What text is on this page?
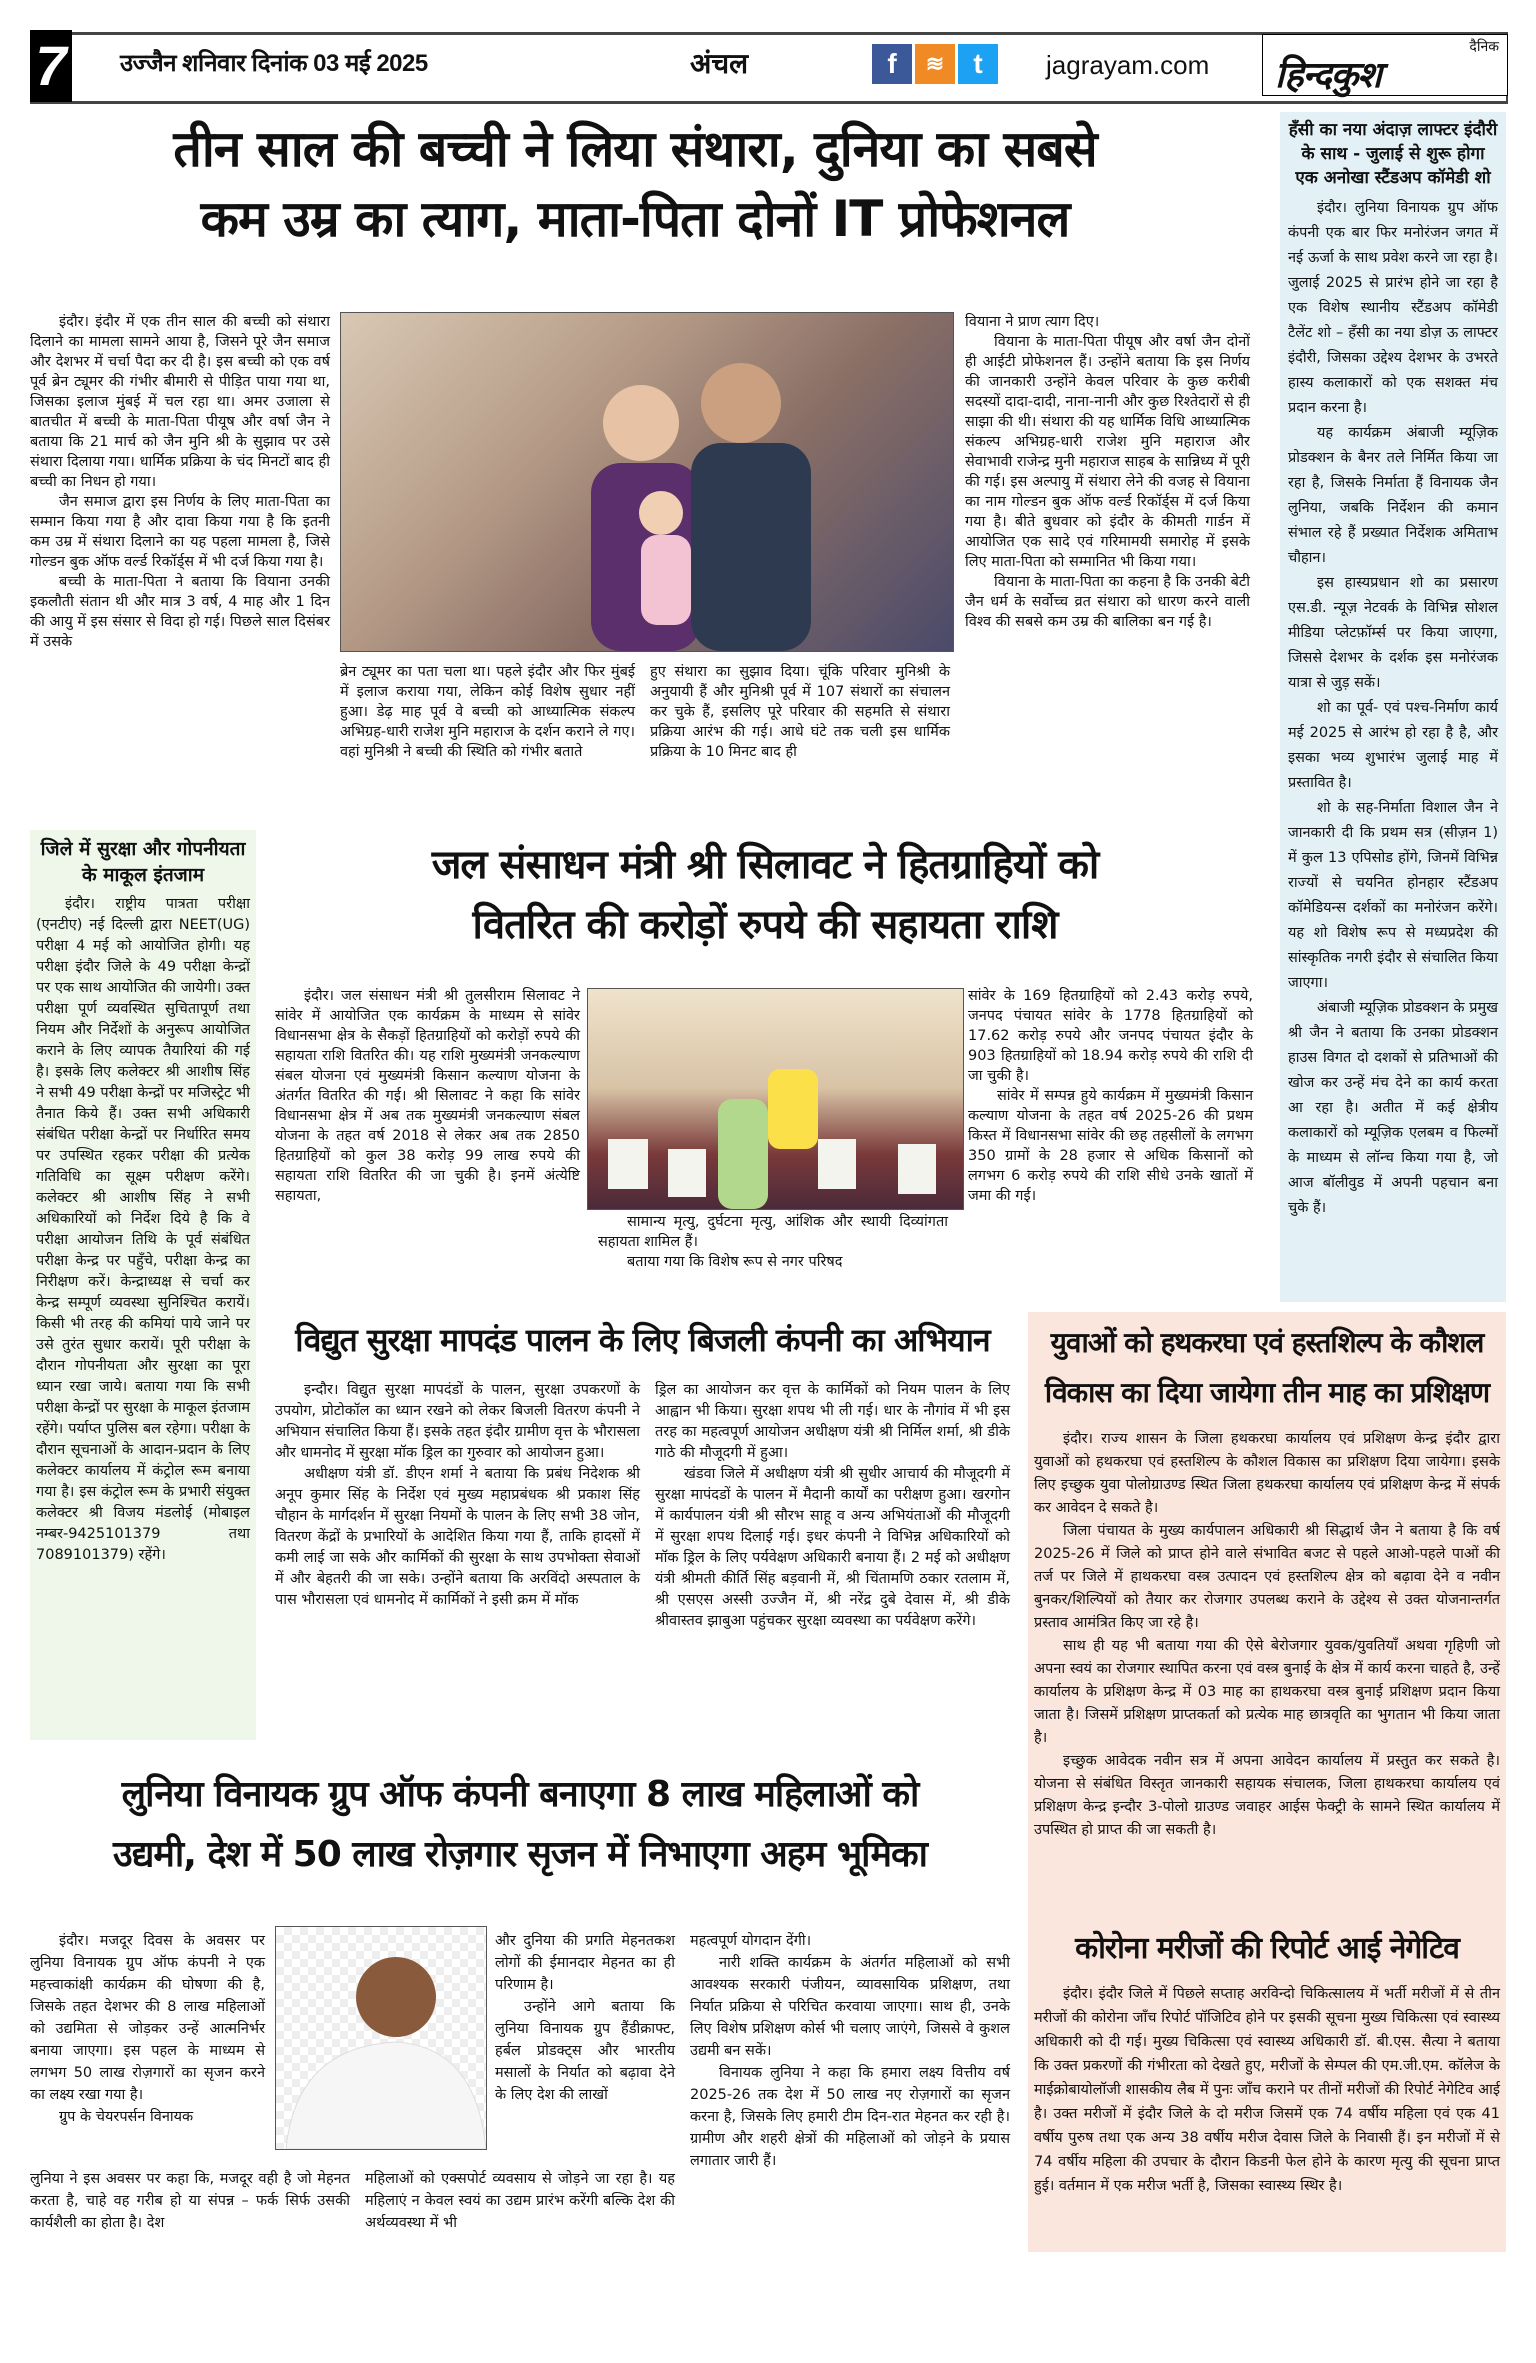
7 उज्जैन शनिवार दिनांक 03 मई 2025	अंचल	f	≋	t	jagrayam.com
दैनिक
हिन्दकुश
तीन साल की बच्ची ने लिया संथारा, दुनिया का सबसे
कम उम्र का त्याग, माता-पिता दोनों IT प्रोफेशनल

इंदौर। इंदौर में एक तीन साल की बच्ची को संथारा दिलाने का मामला सामने आया है, जिसने पूरे जैन समाज और देशभर में चर्चा पैदा कर दी है। इस बच्ची को एक वर्ष पूर्व ब्रेन ट्यूमर की गंभीर बीमारी से पीड़ित पाया गया था, जिसका इलाज मुंबई में चल रहा था। अमर उजाला से बातचीत में बच्ची के माता-पिता पीयूष और वर्षा जैन ने बताया कि 21 मार्च को जैन मुनि श्री के सुझाव पर उसे संथारा दिलाया गया। धार्मिक प्रक्रिया के चंद मिनटों बाद ही बच्ची का निधन हो गया।

जैन समाज द्वारा इस निर्णय के लिए माता-पिता का सम्मान किया गया है और दावा किया गया है कि इतनी कम उम्र में संथारा दिलाने का यह पहला मामला है, जिसे गोल्डन बुक ऑफ वर्ल्ड रिकॉर्ड्स में भी दर्ज किया गया है।

बच्ची के माता-पिता ने बताया कि वियाना उनकी इकलौती संतान थी और मात्र 3 वर्ष, 4 माह और 1 दिन की आयु में इस संसार से विदा हो गई। पिछले साल दिसंबर में उसके

ब्रेन ट्यूमर का पता चला था। पहले इंदौर और फिर मुंबई में इलाज कराया गया, लेकिन कोई विशेष सुधार नहीं हुआ। डेढ़ माह पूर्व वे बच्ची को आध्यात्मिक संकल्प अभिग्रह-धारी राजेश मुनि महाराज के दर्शन कराने ले गए। वहां मुनिश्री ने बच्ची की स्थिति को गंभीर बताते

हुए संथारा का सुझाव दिया। चूंकि परिवार मुनिश्री के अनुयायी हैं और मुनिश्री पूर्व में 107 संथारों का संचालन कर चुके हैं, इसलिए पूरे परिवार की सहमति से संथारा प्रक्रिया आरंभ की गई। आधे घंटे तक चली इस धार्मिक प्रक्रिया के 10 मिनट बाद ही

वियाना ने प्राण त्याग दिए।

वियाना के माता-पिता पीयूष और वर्षा जैन दोनों ही आईटी प्रोफेशनल हैं। उन्होंने बताया कि इस निर्णय की जानकारी उन्होंने केवल परिवार के कुछ करीबी सदस्यों दादा-दादी, नाना-नानी और कुछ रिश्तेदारों से ही साझा की थी। संथारा की यह धार्मिक विधि आध्यात्मिक संकल्प अभिग्रह-धारी राजेश मुनि महाराज और सेवाभावी राजेन्द्र मुनी महाराज साहब के सान्निध्य में पूरी की गई। इस अल्पायु में संथारा लेने की वजह से वियाना का नाम गोल्डन बुक ऑफ वर्ल्ड रिकॉर्ड्स में दर्ज किया गया है। बीते बुधवार को इंदौर के कीमती गार्डन में आयोजित एक सादे एवं गरिमामयी समारोह में इसके लिए माता-पिता को सम्मानित भी किया गया।

वियाना के माता-पिता का कहना है कि उनकी बेटी जैन धर्म के सर्वोच्च व्रत संथारा को धारण करने वाली विश्व की सबसे कम उम्र की बालिका बन गई है।

हँसी का नया अंदाज़ लाफ्टर इंदौरी के साथ - जुलाई से शुरू होगा एक अनोखा स्टैंडअप कॉमेडी शो

इंदौर। लुनिया विनायक ग्रुप ऑफ कंपनी एक बार फिर मनोरंजन जगत में नई ऊर्जा के साथ प्रवेश करने जा रहा है। जुलाई 2025 से प्रारंभ होने जा रहा है एक विशेष स्थानीय स्टैंडअप कॉमेडी टैलेंट शो – हँसी का नया डोज़ ऊ लाफ्टर इंदौरी, जिसका उद्देश्य देशभर के उभरते हास्य कलाकारों को एक सशक्त मंच प्रदान करना है।

यह कार्यक्रम अंबाजी म्यूज़िक प्रोडक्शन के बैनर तले निर्मित किया जा रहा है, जिसके निर्माता हैं विनायक जैन लुनिया, जबकि निर्देशन की कमान संभाल रहे हैं प्रख्यात निर्देशक अमिताभ चौहान।

इस हास्यप्रधान शो का प्रसारण एस.डी. न्यूज़ नेटवर्क के विभिन्न सोशल मीडिया प्लेटफ़ॉर्म्स पर किया जाएगा, जिससे देशभर के दर्शक इस मनोरंजक यात्रा से जुड़ सकें।

शो का पूर्व- एवं पश्च-निर्माण कार्य मई 2025 से आरंभ हो रहा है है, और इसका भव्य शुभारंभ जुलाई माह में प्रस्तावित है।

शो के सह-निर्माता विशाल जैन ने जानकारी दी कि प्रथम सत्र (सीज़न 1) में कुल 13 एपिसोड होंगे, जिनमें विभिन्न राज्यों से चयनित होनहार स्टैंडअप कॉमेडियन्स दर्शकों का मनोरंजन करेंगे। यह शो विशेष रूप से मध्यप्रदेश की सांस्कृतिक नगरी इंदौर से संचालित किया जाएगा।

अंबाजी म्यूज़िक प्रोडक्शन के प्रमुख श्री जैन ने बताया कि उनका प्रोडक्शन हाउस विगत दो दशकों से प्रतिभाओं की खोज कर उन्हें मंच देने का कार्य करता आ रहा है। अतीत में कई क्षेत्रीय कलाकारों को म्यूज़िक एलबम व फिल्मों के माध्यम से लॉन्च किया गया है, जो आज बॉलीवुड में अपनी पहचान बना चुके हैं।

जिले में सुरक्षा और गोपनीयता के माकूल इंतजाम

इंदौर। राष्ट्रीय पात्रता परीक्षा (एनटीए) नई दिल्ली द्वारा NEET(UG) परीक्षा 4 मई को आयोजित होगी। यह परीक्षा इंदौर जिले के 49 परीक्षा केन्द्रों पर एक साथ आयोजित की जायेगी। उक्त परीक्षा पूर्ण व्यवस्थित सुचितापूर्ण तथा नियम और निर्देशों के अनुरूप आयोजित कराने के लिए व्यापक तैयारियां की गई है। इसके लिए कलेक्टर श्री आशीष सिंह ने सभी 49 परीक्षा केन्द्रों पर मजिस्ट्रेट भी तैनात किये हैं। उक्त सभी अधिकारी संबंधित परीक्षा केन्द्रों पर निर्धारित समय पर उपस्थित रहकर परीक्षा की प्रत्येक गतिविधि का सूक्ष्म परीक्षण करेंगे। कलेक्टर श्री आशीष सिंह ने सभी अधिकारियों को निर्देश दिये है कि वे परीक्षा आयोजन तिथि के पूर्व संबंधित परीक्षा केन्द्र पर पहुँचे, परीक्षा केन्द्र का निरीक्षण करें। केन्द्राध्यक्ष से चर्चा कर केन्द्र सम्पूर्ण व्यवस्था सुनिश्चित करायें। किसी भी तरह की कमियां पाये जाने पर उसे तुरंत सुधार करायें। पूरी परीक्षा के दौरान गोपनीयता और सुरक्षा का पूरा ध्यान रखा जाये। बताया गया कि सभी परीक्षा केन्द्रों पर सुरक्षा के माकूल इंतजाम रहेंगे। पर्याप्त पुलिस बल रहेगा। परीक्षा के दौरान सूचनाओं के आदान-प्रदान के लिए कलेक्टर कार्यालय में कंट्रोल रूम बनाया गया है। इस कंट्रोल रूम के प्रभारी संयुक्त कलेक्टर श्री विजय मंडलोई (मोबाइल नम्बर-9425101379 तथा 7089101379) रहेंगे।

जल संसाधन मंत्री श्री सिलावट ने हितग्राहियों को
वितरित की करोड़ों रुपये की सहायता राशि

इंदौर। जल संसाधन मंत्री श्री तुलसीराम सिलावट ने सांवेर में आयोजित एक कार्यक्रम के माध्यम से सांवेर विधानसभा क्षेत्र के सैकड़ों हितग्राहियों को करोड़ों रुपये की सहायता राशि वितरित की। यह राशि मुख्यमंत्री जनकल्याण संबल योजना एवं मुख्यमंत्री किसान कल्याण योजना के अंतर्गत वितरित की गई। श्री सिलावट ने कहा कि सांवेर विधानसभा क्षेत्र में अब तक मुख्यमंत्री जनकल्याण संबल योजना के तहत वर्ष 2018 से लेकर अब तक 2850 हितग्राहियों को कुल 38 करोड़ 99 लाख रुपये की सहायता राशि वितरित की जा चुकी है। इनमें अंत्येष्टि सहायता,

सामान्य मृत्यु, दुर्घटना मृत्यु, आंशिक और स्थायी दिव्यांगता सहायता शामिल हैं।

बताया गया कि विशेष रूप से नगर परिषद

सांवेर के 169 हितग्राहियों को 2.43 करोड़ रुपये, जनपद पंचायत सांवेर के 1778 हितग्राहियों को 17.62 करोड़ रुपये और जनपद पंचायत इंदौर के 903 हितग्राहियों को 18.94 करोड़ रुपये की राशि दी जा चुकी है।

सांवेर में सम्पन्न हुये कार्यक्रम में मुख्यमंत्री किसान कल्याण योजना के तहत वर्ष 2025-26 की प्रथम किस्त में विधानसभा सांवेर की छह तहसीलों के लगभग 350 ग्रामों के 28 हजार से अधिक किसानों को लगभग 6 करोड़ रुपये की राशि सीधे उनके खातों में जमा की गई।

विद्युत सुरक्षा मापदंड पालन के लिए बिजली कंपनी का अभियान

इन्दौर। विद्युत सुरक्षा मापदंडों के पालन, सुरक्षा उपकरणों के उपयोग, प्रोटोकॉल का ध्यान रखने को लेकर बिजली वितरण कंपनी ने अभियान संचालित किया हैं। इसके तहत इंदौर ग्रामीण वृत्त के भौरासला और धामनोद में सुरक्षा मॉक ड्रिल का गुरुवार को आयोजन हुआ।

अधीक्षण यंत्री डॉ. डीएन शर्मा ने बताया कि प्रबंध निदेशक श्री अनूप कुमार सिंह के निर्देश एवं मुख्य महाप्रबंधक श्री प्रकाश सिंह चौहान के मार्गदर्शन में सुरक्षा नियमों के पालन के लिए सभी 38 जोन, वितरण केंद्रों के प्रभारियों के आदेशित किया गया हैं, ताकि हादसों में कमी लाई जा सके और कार्मिकों की सुरक्षा के साथ उपभोक्ता सेवाओं में और बेहतरी की जा सके। उन्होंने बताया कि अरविंदो अस्पताल के पास भौरासला एवं धामनोद में कार्मिकों ने इसी क्रम में मॉक

ड्रिल का आयोजन कर वृत्त के कार्मिकों को नियम पालन के लिए आह्वान भी किया। सुरक्षा शपथ भी ली गई। धार के नौगांव में भी इस तरह का महत्वपूर्ण आयोजन अधीक्षण यंत्री श्री निर्मिल शर्मा, श्री डीके गाठे की मौजूदगी में हुआ।

खंडवा जिले में अधीक्षण यंत्री श्री सुधीर आचार्य की मौजूदगी में सुरक्षा मापंदडों के पालन में मैदानी कार्यों का परीक्षण हुआ। खरगोन में कार्यपालन यंत्री श्री सौरभ साहू व अन्य अभियंताओं की मौजूदगी में सुरक्षा शपथ दिलाई गई। इधर कंपनी ने विभिन्न अधिकारियों को मॉक ड्रिल के लिए पर्यवेक्षण अधिकारी बनाया हैं। 2 मई को अधीक्षण यंत्री श्रीमती कीर्ति सिंह बड़वानी में, श्री चिंतामणि ठकार रतलाम में, श्री एसएस अस्सी उज्जैन में, श्री नरेंद्र दुबे देवास में, श्री डीके श्रीवास्तव झाबुआ पहुंचकर सुरक्षा व्यवस्था का पर्यवेक्षण करेंगे।

युवाओं को हथकरघा एवं हस्तशिल्प के कौशल विकास का दिया जायेगा तीन माह का प्रशिक्षण

इंदौर। राज्य शासन के जिला हथकरघा कार्यालय एवं प्रशिक्षण केन्द्र इंदौर द्वारा युवाओं को हथकरघा एवं हस्तशिल्प के कौशल विकास का प्रशिक्षण दिया जायेगा। इसके लिए इच्छुक युवा पोलोग्राउण्ड स्थित जिला हथकरघा कार्यालय एवं प्रशिक्षण केन्द्र में संपर्क कर आवेदन दे सकते है।

जिला पंचायत के मुख्य कार्यपालन अधिकारी श्री सिद्धार्थ जैन ने बताया है कि वर्ष 2025-26 में जिले को प्राप्त होने वाले संभावित बजट से पहले आओ-पहले पाओं की तर्ज पर जिले में हाथकरघा वस्त्र उत्पादन एवं हस्तशिल्प क्षेत्र को बढ़ावा देने व नवीन बुनकर/शिल्पियों को तैयार कर रोजगार उपलब्ध कराने के उद्देश्य से उक्त योजनान्तर्गत प्रस्ताव आमंत्रित किए जा रहे है।

साथ ही यह भी बताया गया की ऐसे बेरोजगार युवक/युवतियाँ अथवा गृहिणी जो अपना स्वयं का रोजगार स्थापित करना एवं वस्त्र बुनाई के क्षेत्र में कार्य करना चाहते है, उन्हें कार्यालय के प्रशिक्षण केन्द्र में 03 माह का हाथकरघा वस्त्र बुनाई प्रशिक्षण प्रदान किया जाता है। जिसमें प्रशिक्षण प्राप्तकर्ता को प्रत्येक माह छात्रवृति का भुगतान भी किया जाता है।

इच्छुक आवेदक नवीन सत्र में अपना आवेदन कार्यालय में प्रस्तुत कर सकते है। योजना से संबंधित विस्तृत जानकारी सहायक संचालक, जिला हाथकरघा कार्यालय एवं प्रशिक्षण केन्द्र इन्दौर 3-पोलो ग्राउण्ड जवाहर आईस फेक्ट्री के सामने स्थित कार्यालय में उपस्थित हो प्राप्त की जा सकती है।

कोरोना मरीजों की रिपोर्ट आई नेगेटिव

इंदौर। इंदौर जिले में पिछले सप्ताह अरविन्दो चिकित्सालय में भर्ती मरीजों में से तीन मरीजों की कोरोना जाँच रिपोर्ट पॉजिटिव होने पर इसकी सूचना मुख्य चिकित्सा एवं स्वास्थ्य अधिकारी को दी गई। मुख्य चिकित्सा एवं स्वास्थ्य अधिकारी डॉ. बी.एस. सैत्या ने बताया कि उक्त प्रकरणों की गंभीरता को देखते हुए, मरीजों के सेम्पल की एम.जी.एम. कॉलेज के माईक्रोबायोलॉजी शासकीय लैब में पुनः जाँच कराने पर तीनों मरीजों की रिपोर्ट नेगेटिव आई है। उक्त मरीजों में इंदौर जिले के दो मरीज जिसमें एक 74 वर्षीय महिला एवं एक 41 वर्षीय पुरुष तथा एक अन्य 38 वर्षीय मरीज देवास जिले के निवासी हैं। इन मरीजों में से 74 वर्षीय महिला की उपचार के दौरान किडनी फेल होने के कारण मृत्यु की सूचना प्राप्त हुई। वर्तमान में एक मरीज भर्ती है, जिसका स्वास्थ्य स्थिर है।

लुनिया विनायक ग्रुप ऑफ कंपनी बनाएगा 8 लाख महिलाओं को
उद्यमी, देश में 50 लाख रोज़गार सृजन में निभाएगा अहम भूमिका

इंदौर। मजदूर दिवस के अवसर पर लुनिया विनायक ग्रुप ऑफ कंपनी ने एक महत्त्वाकांक्षी कार्यक्रम की घोषणा की है, जिसके तहत देशभर की 8 लाख महिलाओं को उद्यमिता से जोड़कर उन्हें आत्मनिर्भर बनाया जाएगा। इस पहल के माध्यम से लगभग 50 लाख रोज़गारों का सृजन करने का लक्ष्य रखा गया है।

ग्रुप के चेयरपर्सन विनायक

लुनिया ने इस अवसर पर कहा कि, मजदूर वही है जो मेहनत करता है, चाहे वह गरीब हो या संपन्न – फर्क सिर्फ उसकी कार्यशैली का होता है। देश

और दुनिया की प्रगति मेहनतकश लोगों की ईमानदार मेहनत का ही परिणाम है।

उन्होंने आगे बताया कि लुनिया विनायक ग्रुप हैंडीक्राफ्ट, हर्बल प्रोडक्ट्स और भारतीय मसालों के निर्यात को बढ़ावा देने के लिए देश की लाखों

महिलाओं को एक्सपोर्ट व्यवसाय से जोड़ने जा रहा है। यह महिलाएं न केवल स्वयं का उद्यम प्रारंभ करेंगी बल्कि देश की अर्थव्यवस्था में भी

महत्वपूर्ण योगदान देंगी।

नारी शक्ति कार्यक्रम के अंतर्गत महिलाओं को सभी आवश्यक सरकारी पंजीयन, व्यावसायिक प्रशिक्षण, तथा निर्यात प्रक्रिया से परिचित करवाया जाएगा। साथ ही, उनके लिए विशेष प्रशिक्षण कोर्स भी चलाए जाएंगे, जिससे वे कुशल उद्यमी बन सकें।

विनायक लुनिया ने कहा कि हमारा लक्ष्य वित्तीय वर्ष 2025-26 तक देश में 50 लाख नए रोज़गारों का सृजन करना है, जिसके लिए हमारी टीम दिन-रात मेहनत कर रही है। ग्रामीण और शहरी क्षेत्रों की महिलाओं को जोड़ने के प्रयास लगातार जारी हैं।
